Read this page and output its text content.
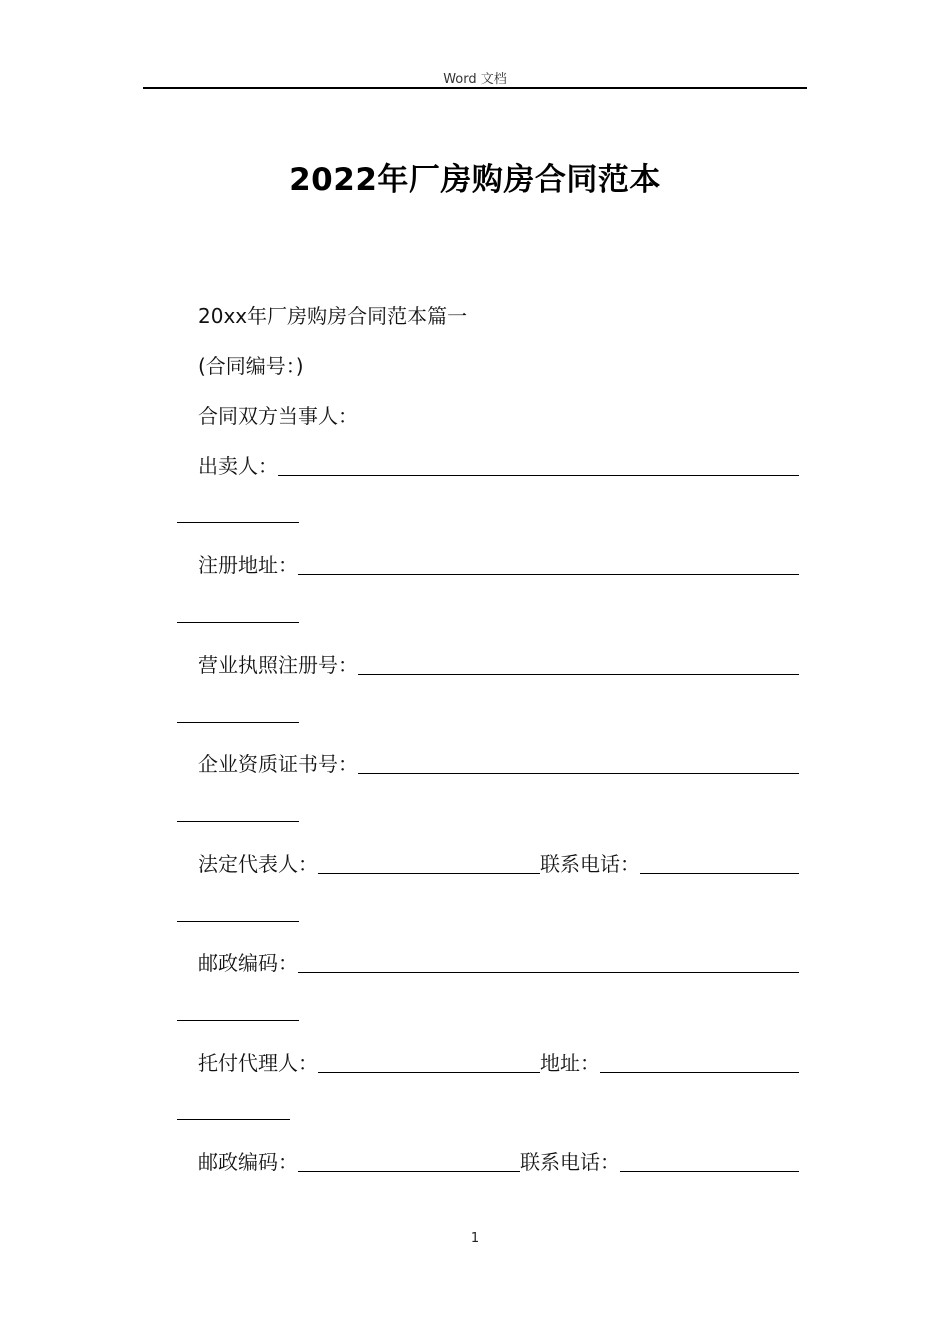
Word 文档
2022年厂房购房合同范本
20xx年厂房购房合同范本篇一
(合同编号：)
合同双方当事人：
出卖人：
注册地址：
营业执照注册号：
企业资质证书号：
法定代表人：	联系电话：
邮政编码：
托付代理人：	地址：
邮政编码：	联系电话：
1
